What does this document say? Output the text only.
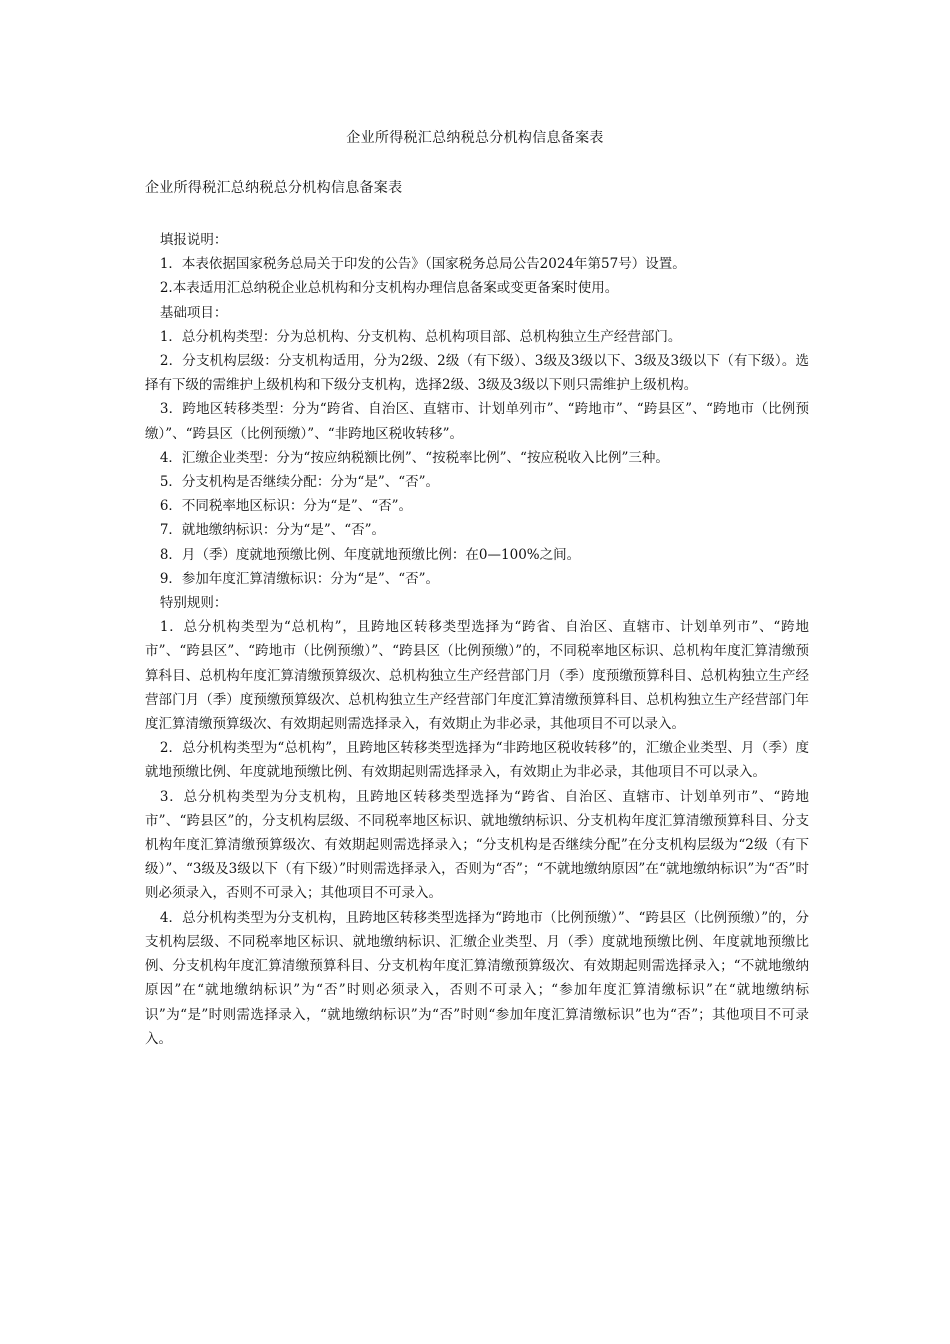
企业所得税汇总纳税总分机构信息备案表
企业所得税汇总纳税总分机构信息备案表

填报说明：

1．本表依据国家税务总局关于印发的公告》（国家税务总局公告2024年第57号）设置。

2.本表适用汇总纳税企业总机构和分支机构办理信息备案或变更备案时使用。

基础项目：

1．总分机构类型：分为总机构、分支机构、总机构项目部、总机构独立生产经营部门。

2．分支机构层级：分支机构适用，分为2级、2级（有下级）、3级及3级以下、3级及3级以下（有下级）。选择有下级的需维护上级机构和下级分支机构，选择2级、3级及3级以下则只需维护上级机构。

3．跨地区转移类型：分为“跨省、自治区、直辖市、计划单列市”、“跨地市”、“跨县区”、“跨地市（比例预缴）”、“跨县区（比例预缴）”、“非跨地区税收转移”。

4．汇缴企业类型：分为“按应纳税额比例”、“按税率比例”、“按应税收入比例”三种。

5．分支机构是否继续分配：分为“是”、“否”。

6．不同税率地区标识：分为“是”、“否”。

7．就地缴纳标识：分为“是”、“否”。

8．月（季）度就地预缴比例、年度就地预缴比例：在0—100%之间。

9．参加年度汇算清缴标识：分为“是”、“否”。

特别规则：

1．总分机构类型为“总机构”，且跨地区转移类型选择为“跨省、自治区、直辖市、计划单列市”、“跨地市”、“跨县区”、“跨地市（比例预缴）”、“跨县区（比例预缴）”的，不同税率地区标识、总机构年度汇算清缴预算科目、总机构年度汇算清缴预算级次、总机构独立生产经营部门月（季）度预缴预算科目、总机构独立生产经营部门月（季）度预缴预算级次、总机构独立生产经营部门年度汇算清缴预算科目、总机构独立生产经营部门年度汇算清缴预算级次、有效期起则需选择录入，有效期止为非必录，其他项目不可以录入。

2．总分机构类型为“总机构”，且跨地区转移类型选择为“非跨地区税收转移”的，汇缴企业类型、月（季）度就地预缴比例、年度就地预缴比例、有效期起则需选择录入，有效期止为非必录，其他项目不可以录入。

3．总分机构类型为分支机构，且跨地区转移类型选择为“跨省、自治区、直辖市、计划单列市”、“跨地市”、“跨县区”的，分支机构层级、不同税率地区标识、就地缴纳标识、分支机构年度汇算清缴预算科目、分支机构年度汇算清缴预算级次、有效期起则需选择录入；“分支机构是否继续分配”在分支机构层级为“2级（有下级）”、“3级及3级以下（有下级）”时则需选择录入，否则为“否”；“不就地缴纳原因”在“就地缴纳标识”为“否”时则必须录入，否则不可录入；其他项目不可录入。

4．总分机构类型为分支机构，且跨地区转移类型选择为“跨地市（比例预缴）”、“跨县区（比例预缴）”的，分支机构层级、不同税率地区标识、就地缴纳标识、汇缴企业类型、月（季）度就地预缴比例、年度就地预缴比例、分支机构年度汇算清缴预算科目、分支机构年度汇算清缴预算级次、有效期起则需选择录入；“不就地缴纳原因”在“就地缴纳标识”为“否”时则必须录入，否则不可录入；“参加年度汇算清缴标识”在“就地缴纳标识”为“是”时则需选择录入，“就地缴纳标识”为“否”时则“参加年度汇算清缴标识”也为“否”；其他项目不可录入。
